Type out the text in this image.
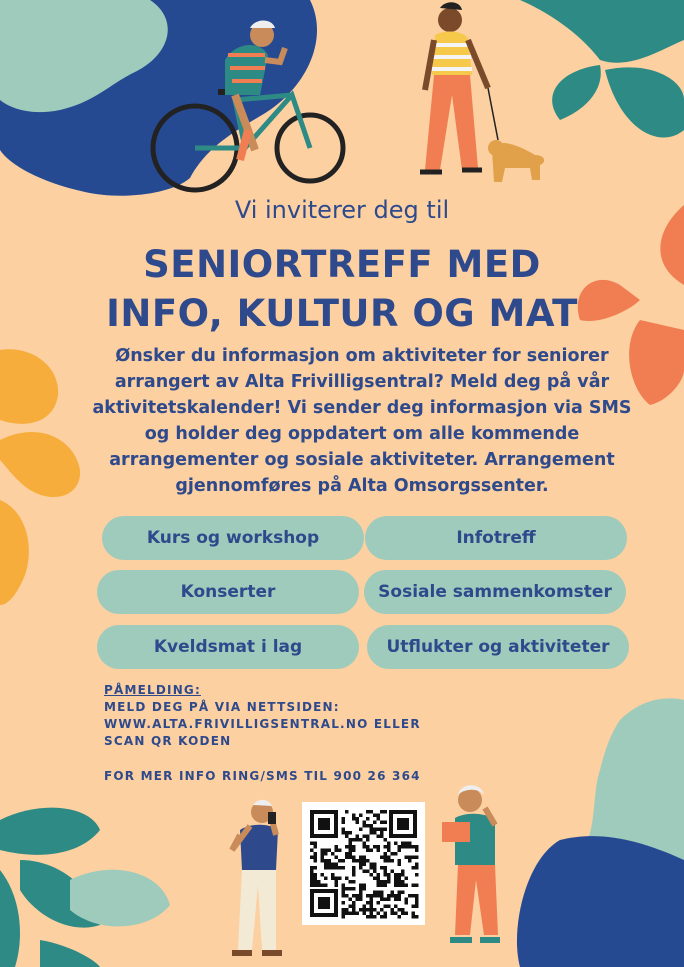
Vi inviterer deg til

SENIORTREFF MED
INFO, KULTUR OG MAT

Ønsker du informasjon om aktiviteter for seniorer arrangert av Alta Frivilligsentral? Meld deg på vår aktivitetskalender! Vi sender deg informasjon via SMS og holder deg oppdatert om alle kommende arrangementer og sosiale aktiviteter. Arrangement gjennomføres på Alta Omsorgssenter.

Kurs og workshop	Infotreff
Konserter	Sosiale sammenkomster
Kveldsmat i lag	Utflukter og aktiviteter
PÅMELDING:
MELD DEG PÅ VIA NETTSIDEN:
WWW.ALTA.FRIVILLIGSENTRAL.NO ELLER
SCAN QR KODEN
FOR MER INFO RING/SMS TIL 900 26 364
